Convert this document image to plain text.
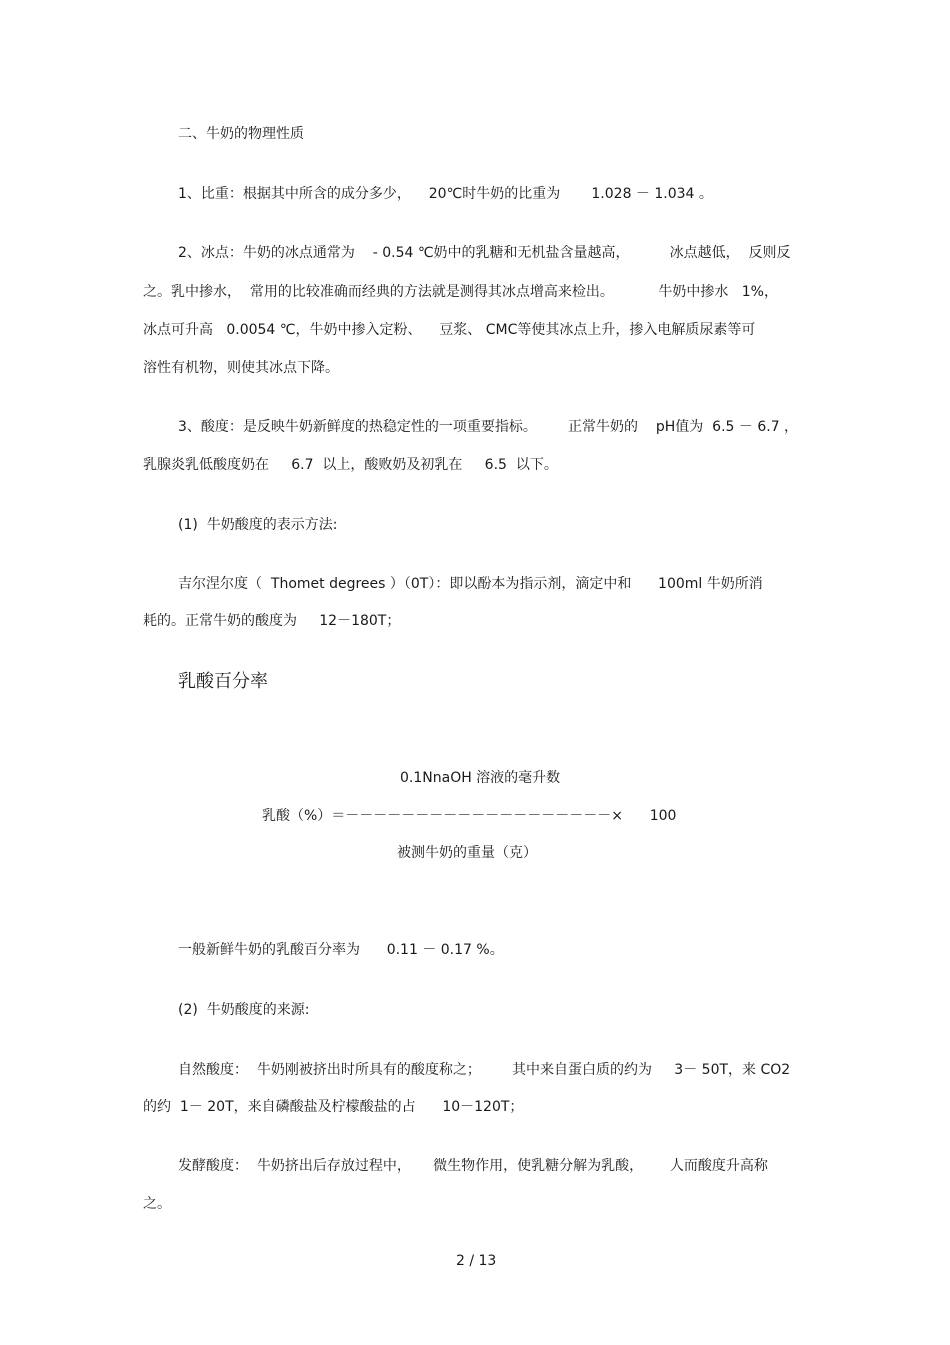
二、牛奶的物理性质
1、比重：根据其中所含的成分多少，    20℃时牛奶的比重为       1.028 － 1.034 。
2、冰点：牛奶的冰点通常为    - 0.54 ℃奶中的乳糖和无机盐含量越高，         冰点越低，  反则反
之。乳中掺水，  常用的比较准确而经典的方法就是测得其冰点增高来检出。          牛奶中掺水   1%，
冰点可升高   0.0054 ℃，牛奶中掺入定粉、    豆浆、 CMC等使其冰点上升，掺入电解质尿素等可
溶性有机物，则使其冰点下降。
3、酸度：是反映牛奶新鲜度的热稳定性的一项重要指标。       正常牛奶的    pH值为  6.5 － 6.7 ，
乳腺炎乳低酸度奶在     6.7  以上，酸败奶及初乳在     6.5  以下。
(1)  牛奶酸度的表示方法:
吉尔涅尔度（  Thomet degrees ）（0T）：即以酚本为指示剂，滴定中和      100ml 牛奶所消
耗的。正常牛奶的酸度为     12－180T；
乳酸百分率
0.1NnaOH 溶液的毫升数
乳酸（%）＝－－－－－－－－－－－－－－－－－－－×      100
被测牛奶的重量（克）
一般新鲜牛奶的乳酸百分率为      0.11 － 0.17 %。
(2)  牛奶酸度的来源:
自然酸度：  牛奶刚被挤出时所具有的酸度称之；       其中来自蛋白质的约为     3－ 50T，来 CO2
的约  1－ 20T，来自磷酸盐及柠檬酸盐的占      10－120T；
发酵酸度：  牛奶挤出后存放过程中，     微生物作用，使乳糖分解为乳酸，      人而酸度升高称
之。
2 / 13
